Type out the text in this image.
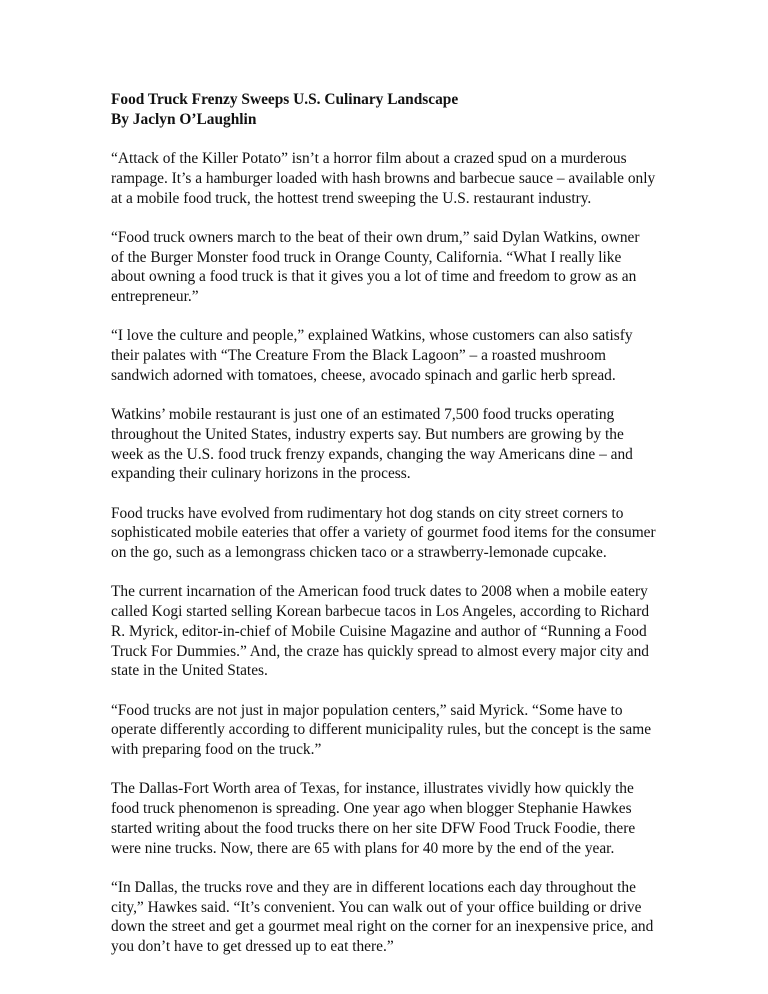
Food Truck Frenzy Sweeps U.S. Culinary Landscape

By Jaclyn O’Laughlin

“Attack of the Killer Potato” isn’t a horror film about a crazed spud on a murderous rampage. It’s a hamburger loaded with hash browns and barbecue sauce – available only at a mobile food truck, the hottest trend sweeping the U.S. restaurant industry.

“Food truck owners march to the beat of their own drum,” said Dylan Watkins, owner of the Burger Monster food truck in Orange County, California. “What I really like about owning a food truck is that it gives you a lot of time and freedom to grow as an entrepreneur.”

“I love the culture and people,” explained Watkins, whose customers can also satisfy their palates with “The Creature From the Black Lagoon” – a roasted mushroom sandwich adorned with tomatoes, cheese, avocado spinach and garlic herb spread.

Watkins’ mobile restaurant is just one of an estimated 7,500 food trucks operating throughout the United States, industry experts say. But numbers are growing by the week as the U.S. food truck frenzy expands, changing the way Americans dine – and expanding their culinary horizons in the process.

Food trucks have evolved from rudimentary hot dog stands on city street corners to sophisticated mobile eateries that offer a variety of gourmet food items for the consumer on the go, such as a lemongrass chicken taco or a strawberry-lemonade cupcake.

The current incarnation of the American food truck dates to 2008 when a mobile eatery called Kogi started selling Korean barbecue tacos in Los Angeles, according to Richard R. Myrick, editor-in-chief of Mobile Cuisine Magazine and author of “Running a Food Truck For Dummies.” And, the craze has quickly spread to almost every major city and state in the United States.

“Food trucks are not just in major population centers,” said Myrick. “Some have to operate differently according to different municipality rules, but the concept is the same with preparing food on the truck.”

The Dallas-Fort Worth area of Texas, for instance, illustrates vividly how quickly the food truck phenomenon is spreading. One year ago when blogger Stephanie Hawkes started writing about the food trucks there on her site DFW Food Truck Foodie, there were nine trucks. Now, there are 65 with plans for 40 more by the end of the year.

“In Dallas, the trucks rove and they are in different locations each day throughout the city,” Hawkes said. “It’s convenient. You can walk out of your office building or drive down the street and get a gourmet meal right on the corner for an inexpensive price, and you don’t have to get dressed up to eat there.”
